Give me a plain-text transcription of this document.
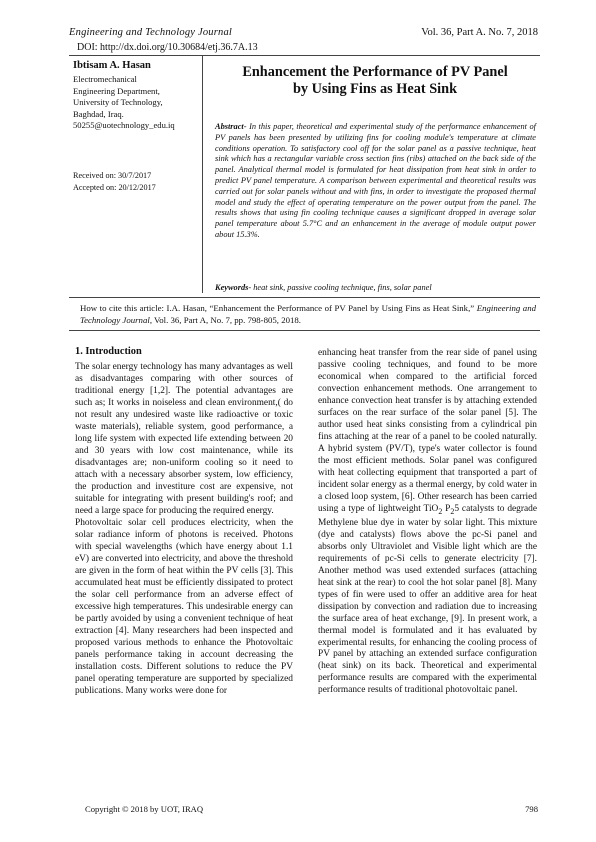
Engineering and Technology Journal	Vol. 36, Part A. No. 7, 2018
DOI: http://dx.doi.org/10.30684/etj.36.7A.13
Ibtisam A. Hasan
Electromechanical
Engineering Department,
University of Technology,
Baghdad, Iraq.
50255@uotechnology_edu.iq
Received on: 30/7/2017
Accepted on: 20/12/2017
Enhancement the Performance of PV Panel
by Using Fins as Heat Sink
Abstract- In this paper, theoretical and experimental study of the performance enhancement of PV panels has been presented by utilizing fins for cooling module's temperature at climate conditions operation. To satisfactory cool off for the solar panel as a passive technique, heat sink which has a rectangular variable cross section fins (ribs) attached on the back side of the panel. Analytical thermal model is formulated for heat dissipation from heat sink in order to predict PV panel temperature. A comparison between experimental and theoretical results was carried out for solar panels without and with fins, in order to investigate the proposed thermal model and study the effect of operating temperature on the power output from the panel. The results shows that using fin cooling technique causes a significant dropped in average solar panel temperature about 5.7°C and an enhancement in the average of module output power about 15.3%.
Keywords- heat sink, passive cooling technique, fins, solar panel
How to cite this article: I.A. Hasan, “Enhancement the Performance of PV Panel by Using Fins as Heat Sink,” Engineering and Technology Journal, Vol. 36, Part A, No. 7, pp. 798-805, 2018.
1. Introduction

The solar energy technology has many advantages as well as disadvantages comparing with other sources of traditional energy [1,2]. The potential advantages are such as; It works in noiseless and clean environment,( do not result any undesired waste like radioactive or toxic waste materials), reliable system, good performance, a long life system with expected life extending between 20 and 30 years with low cost maintenance, while its disadvantages are; non-uniform cooling so it need to attach with a necessary absorber system, low efficiency, the production and investiture cost are expensive, not suitable for integrating with present building's roof; and need a large space for producing the required energy.

Photovoltaic solar cell produces electricity, when the solar radiance inform of photons is received. Photons with special wavelengths (which have energy about 1.1 eV) are converted into electricity, and above the threshold are given in the form of heat within the PV cells [3]. This accumulated heat must be efficiently dissipated to protect the solar cell performance from an adverse effect of excessive high temperatures. This undesirable energy can be partly avoided by using a convenient technique of heat extraction [4]. Many researchers had been inspected and proposed various methods to enhance the Photovoltaic panels performance taking in account decreasing the installation costs. Different solutions to reduce the PV panel operating temperature are supported by specialized publications. Many works were done for

enhancing heat transfer from the rear side of panel using passive cooling techniques, and found to be more economical when compared to the artificial forced convection enhancement methods. One arrangement to enhance convection heat transfer is by attaching extended surfaces on the rear surface of the solar panel [5]. The author used heat sinks consisting from a cylindrical pin fins attaching at the rear of a panel to be cooled naturally. A hybrid system (PV/T), type's water collector is found the most efficient methods. Solar panel was configured with heat collecting equipment that transported a part of incident solar energy as a thermal energy, by cold water in a closed loop system, [6]. Other research has been carried using a type of lightweight TiO$_2$ $P_25$ catalysts to degrade Methylene blue dye in water by solar light. This mixture (dye and catalysts) flows above the pc-Si panel and absorbs only Ultraviolet and Visible light which are the requirements of pc-Si cells to generate electricity [7]. Another method was used extended surfaces (attaching heat sink at the rear) to cool the hot solar panel [8]. Many types of fin were used to offer an additive area for heat dissipation by convection and radiation due to increasing the surface area of heat exchange, [9]. In present work, a thermal model is formulated and it has evaluated by experimental results, for enhancing the cooling process of PV panel by attaching an extended surface configuration (heat sink) on its back. Theoretical and experimental performance results are compared with the experimental performance results of traditional photovoltaic panel.

Copyright © 2018 by UOT, IRAQ	798
